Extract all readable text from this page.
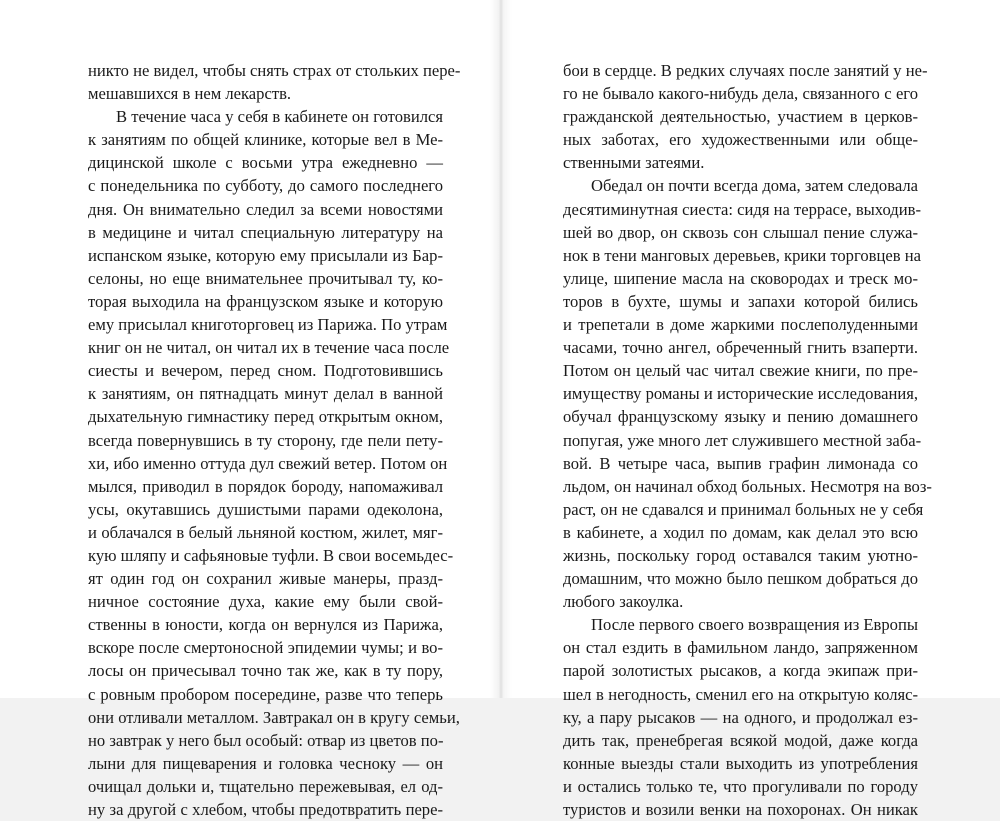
никто не видел, чтобы снять страх от стольких пере-
мешавшихся в нем лекарств.
В течение часа у себя в кабинете он готовился
к занятиям по общей клинике, которые вел в Ме-
дицинской школе с восьми утра ежедневно —
с понедельника по субботу, до самого последнего
дня. Он внимательно следил за всеми новостями
в медицине и читал специальную литературу на
испанском языке, которую ему присылали из Бар-
селоны, но еще внимательнее прочитывал ту, ко-
торая выходила на французском языке и которую
ему присылал книготорговец из Парижа. По утрам
книг он не читал, он читал их в течение часа после
сиесты и вечером, перед сном. Подготовившись
к занятиям, он пятнадцать минут делал в ванной
дыхательную гимнастику перед открытым окном,
всегда повернувшись в ту сторону, где пели пету-
хи, ибо именно оттуда дул свежий ветер. Потом он
мылся, приводил в порядок бороду, напомаживал
усы, окутавшись душистыми парами одеколона,
и облачался в белый льняной костюм, жилет, мяг-
кую шляпу и сафьяновые туфли. В свои восемьдес-
ят один год он сохранил живые манеры, празд-
ничное состояние духа, какие ему были свой-
ственны в юности, когда он вернулся из Парижа,
вскоре после смертоносной эпидемии чумы; и во-
лосы он причесывал точно так же, как в ту пору,
с ровным пробором посередине, разве что теперь
они отливали металлом. Завтракал он в кругу семьи,
но завтрак у него был особый: отвар из цветов по-
лыни для пищеварения и головка чесноку — он
очищал дольки и, тщательно пережевывая, ел од-
ну за другой с хлебом, чтобы предотвратить пере-
бои в сердце. В редких случаях после занятий у не-
го не бывало какого-нибудь дела, связанного с его
гражданской деятельностью, участием в церков-
ных заботах, его художественными или обще-
ственными затеями.
Обедал он почти всегда дома, затем следовала
десятиминутная сиеста: сидя на террасе, выходив-
шей во двор, он сквозь сон слышал пение служа-
нок в тени манговых деревьев, крики торговцев на
улице, шипение масла на сковородах и треск мо-
торов в бухте, шумы и запахи которой бились
и трепетали в доме жаркими послеполуденными
часами, точно ангел, обреченный гнить взаперти.
Потом он целый час читал свежие книги, по пре-
имуществу романы и исторические исследования,
обучал французскому языку и пению домашнего
попугая, уже много лет служившего местной заба-
вой. В четыре часа, выпив графин лимонада со
льдом, он начинал обход больных. Несмотря на воз-
раст, он не сдавался и принимал больных не у себя
в кабинете, а ходил по домам, как делал это всю
жизнь, поскольку город оставался таким уютно-
домашним, что можно было пешком добраться до
любого закоулка.
После первого своего возвращения из Европы
он стал ездить в фамильном ландо, запряженном
парой золотистых рысаков, а когда экипаж при-
шел в негодность, сменил его на открытую коляс-
ку, а пару рысаков — на одного, и продолжал ез-
дить так, пренебрегая всякой модой, даже когда
конные выезды стали выходить из употребления
и остались только те, что прогуливали по городу
туристов и возили венки на похоронах. Он никак
